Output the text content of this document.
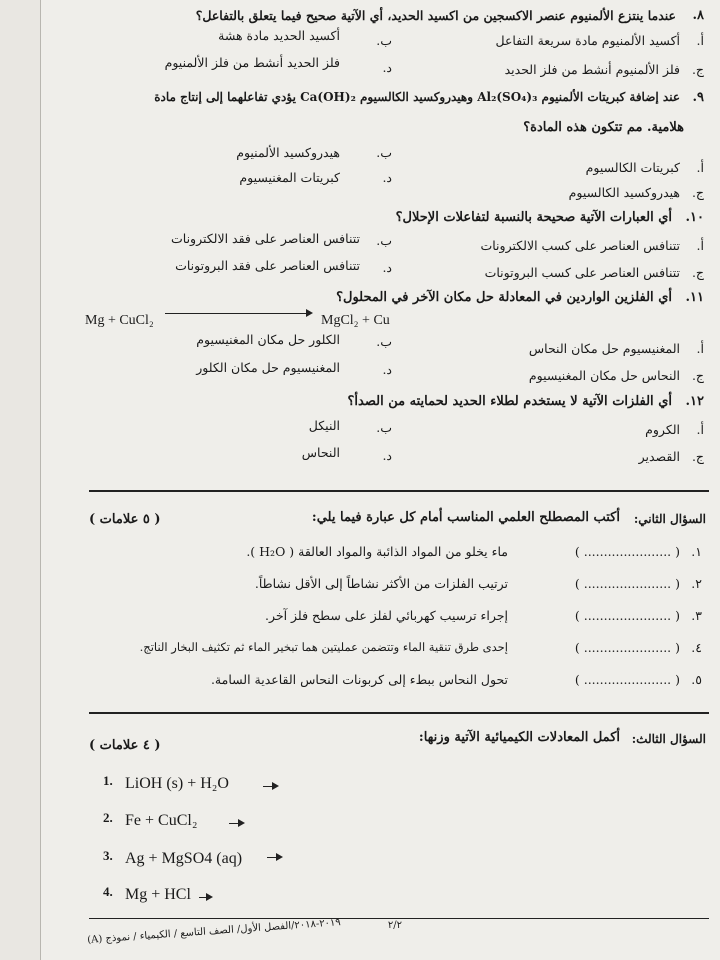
٨.
عندما ينتزع الألمنيوم عنصر الاكسجين من اكسيد الحديد، أي الآتية صحيح فيما يتعلق بالتفاعل؟
أ.
أكسيد الألمنيوم مادة سريعة التفاعل
ب.
أكسيد الحديد مادة هشة
ج.
فلز الألمنيوم أنشط من فلز الحديد
د.
فلز الحديد أنشط من فلز الألمنيوم
٩.
عند إضافة كبريتات الألمنيوم Al₂(SO₄)₃ وهيدروكسيد الكالسيوم Ca(OH)₂ يؤدي تفاعلهما إلى إنتاج مادة
هلامية. مم تتكون هذه المادة؟
أ.
كبريتات الكالسيوم
ب.
هيدروكسيد الألمنيوم
ج.
هيدروكسيد الكالسيوم
د.
كبريتات المغنيسيوم
١٠.
أي العبارات الآتية صحيحة بالنسبة لتفاعلات الإحلال؟
أ.
تتنافس العناصر على كسب الالكترونات
ب.
تتنافس العناصر على فقد الالكترونات
ج.
تتنافس العناصر على كسب البروتونات
د.
تتنافس العناصر على فقد البروتونات
١١.
أي الفلزين الواردين في المعادلة حل مكان الآخر في المحلول؟
Mg + CuCl₂	MgCl₂ + Cu
أ.
المغنيسيوم حل مكان النحاس
ب.
الكلور حل مكان المغنيسيوم
ج.
النحاس حل مكان المغنيسيوم
د.
المغنيسيوم حل مكان الكلور
١٢.
أي الفلزات الآتية لا يستخدم لطلاء الحديد لحمايته من الصدأ؟
أ.
الكروم
ب.
النيكل
ج.
القصدير
د.
النحاس
السؤال الثاني:
أكتب المصطلح العلمي المناسب أمام كل عبارة فيما يلي:
( ٥ علامات )
١.
( ...................... )
ماء يخلو من المواد الذائبة والمواد العالقة ( H₂O ).
٢.
( ...................... )
ترتيب الفلزات من الأكثر نشاطاً إلى الأقل نشاطاً.
٣.
( ...................... )
إجراء ترسيب كهربائي لفلز على سطح فلز آخر.
٤.
( ...................... )
إحدى طرق تنقية الماء وتتضمن عمليتين هما تبخير الماء ثم تكثيف البخار الناتج.
٥.
( ...................... )
تحول النحاس ببطء إلى كربونات النحاس القاعدية السامة.
السؤال الثالث:
أكمل المعادلات الكيميائية الآتية وزنها:
( ٤ علامات )
1. LiOH (s) + H₂O
2. Fe + CuCl₂
3. Ag + MgSO4 (aq)
4. Mg + HCl
٢/٢
٢٠١٩-٢٠١٨/الفصل الأول/ الصف التاسع / الكيمياء / نموذج (A)
